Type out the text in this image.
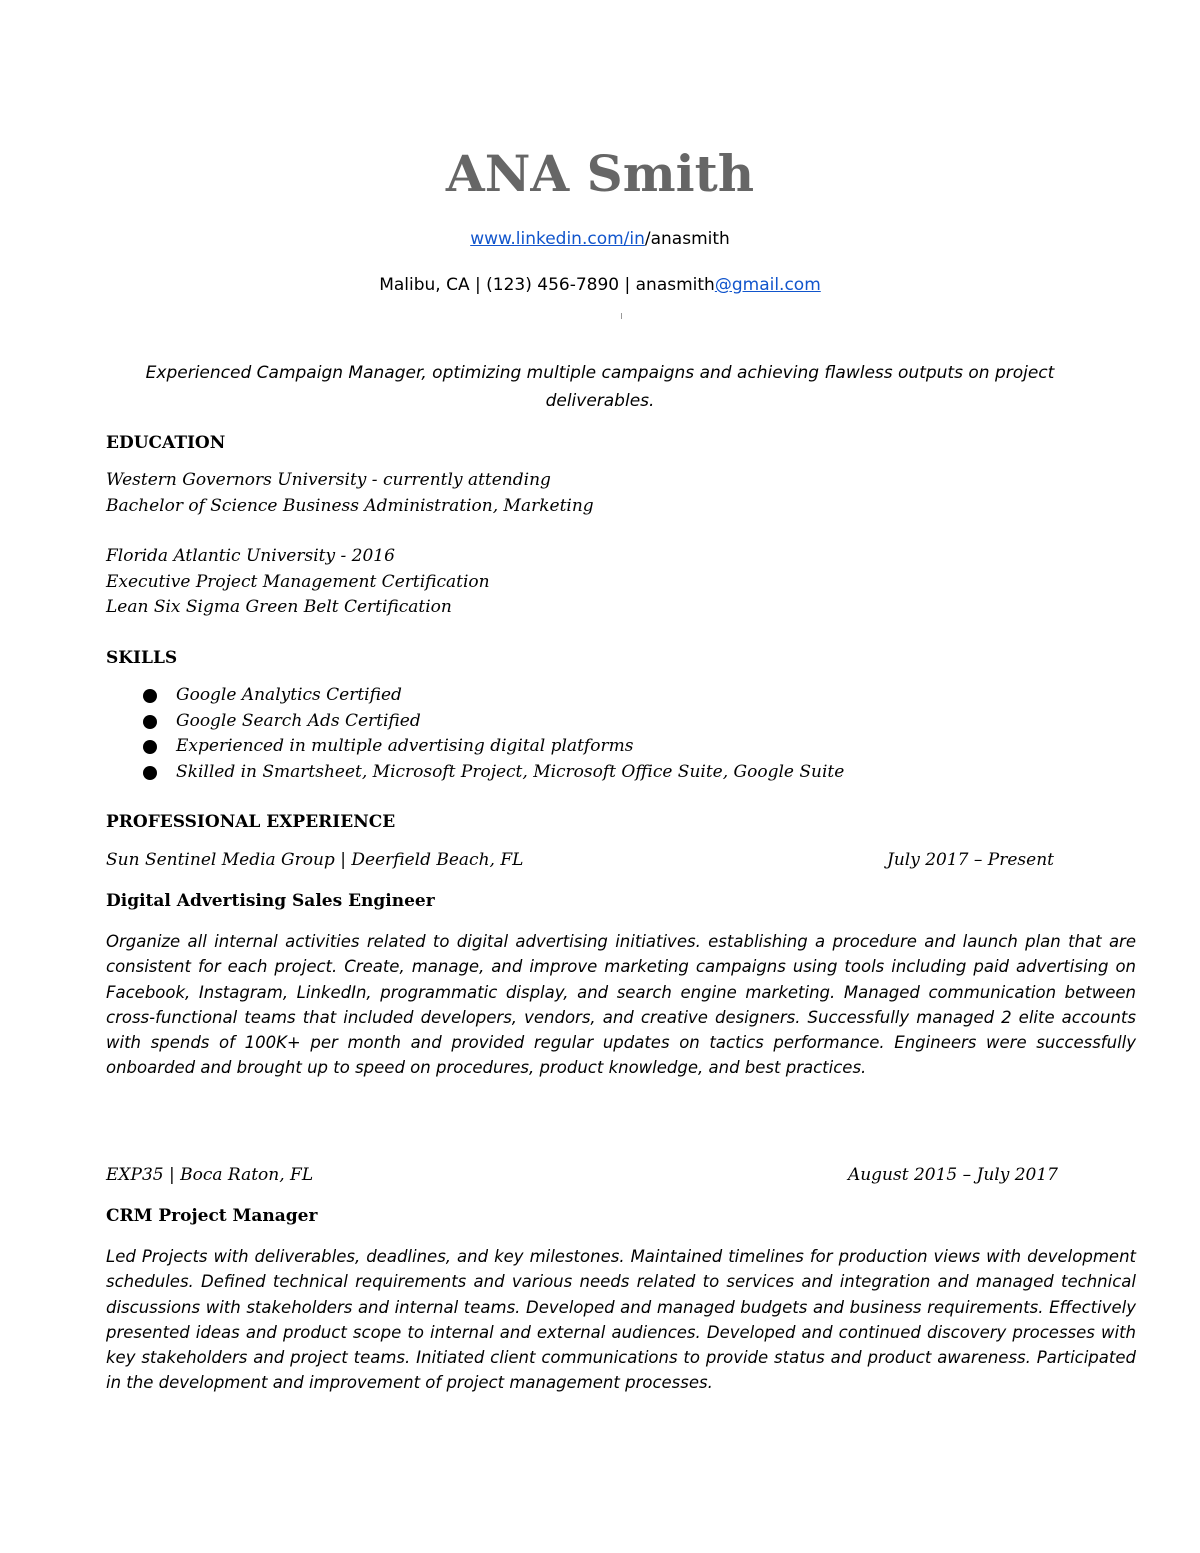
ANA Smith
www.linkedin.com/in/anasmith
Malibu, CA | (123) 456-7890 | anasmith@gmail.com
Experienced Campaign Manager, optimizing multiple campaigns and achieving flawless outputs on project deliverables.
EDUCATION
Western Governors University - currently attending
Bachelor of Science Business Administration, Marketing
Florida Atlantic University - 2016
Executive Project Management Certification
Lean Six Sigma Green Belt Certification
SKILLS
Google Analytics Certified
Google Search Ads Certified
Experienced in multiple advertising digital platforms
Skilled in Smartsheet, Microsoft Project, Microsoft Office Suite, Google Suite
PROFESSIONAL EXPERIENCE
Sun Sentinel Media Group | Deerfield Beach, FL	July 2017 – Present
Digital Advertising Sales Engineer
Organize all internal activities related to digital advertising initiatives. establishing a procedure and launch plan that are consistent for each project. Create, manage, and improve marketing campaigns using tools including paid advertising on Facebook, Instagram, LinkedIn, programmatic display, and search engine marketing. Managed communication between cross-functional teams that included developers, vendors, and creative designers. Successfully managed 2 elite accounts with spends of 100K+ per month and provided regular updates on tactics performance. Engineers were successfully onboarded and brought up to speed on procedures, product knowledge, and best practices.
EXP35 | Boca Raton, FL	August 2015 – July 2017
CRM Project Manager
Led Projects with deliverables, deadlines, and key milestones. Maintained timelines for production views with development schedules. Defined technical requirements and various needs related to services and integration and managed technical discussions with stakeholders and internal teams. Developed and managed budgets and business requirements. Effectively presented ideas and product scope to internal and external audiences. Developed and continued discovery processes with key stakeholders and project teams. Initiated client communications to provide status and product awareness. Participated in the development and improvement of project management processes.
